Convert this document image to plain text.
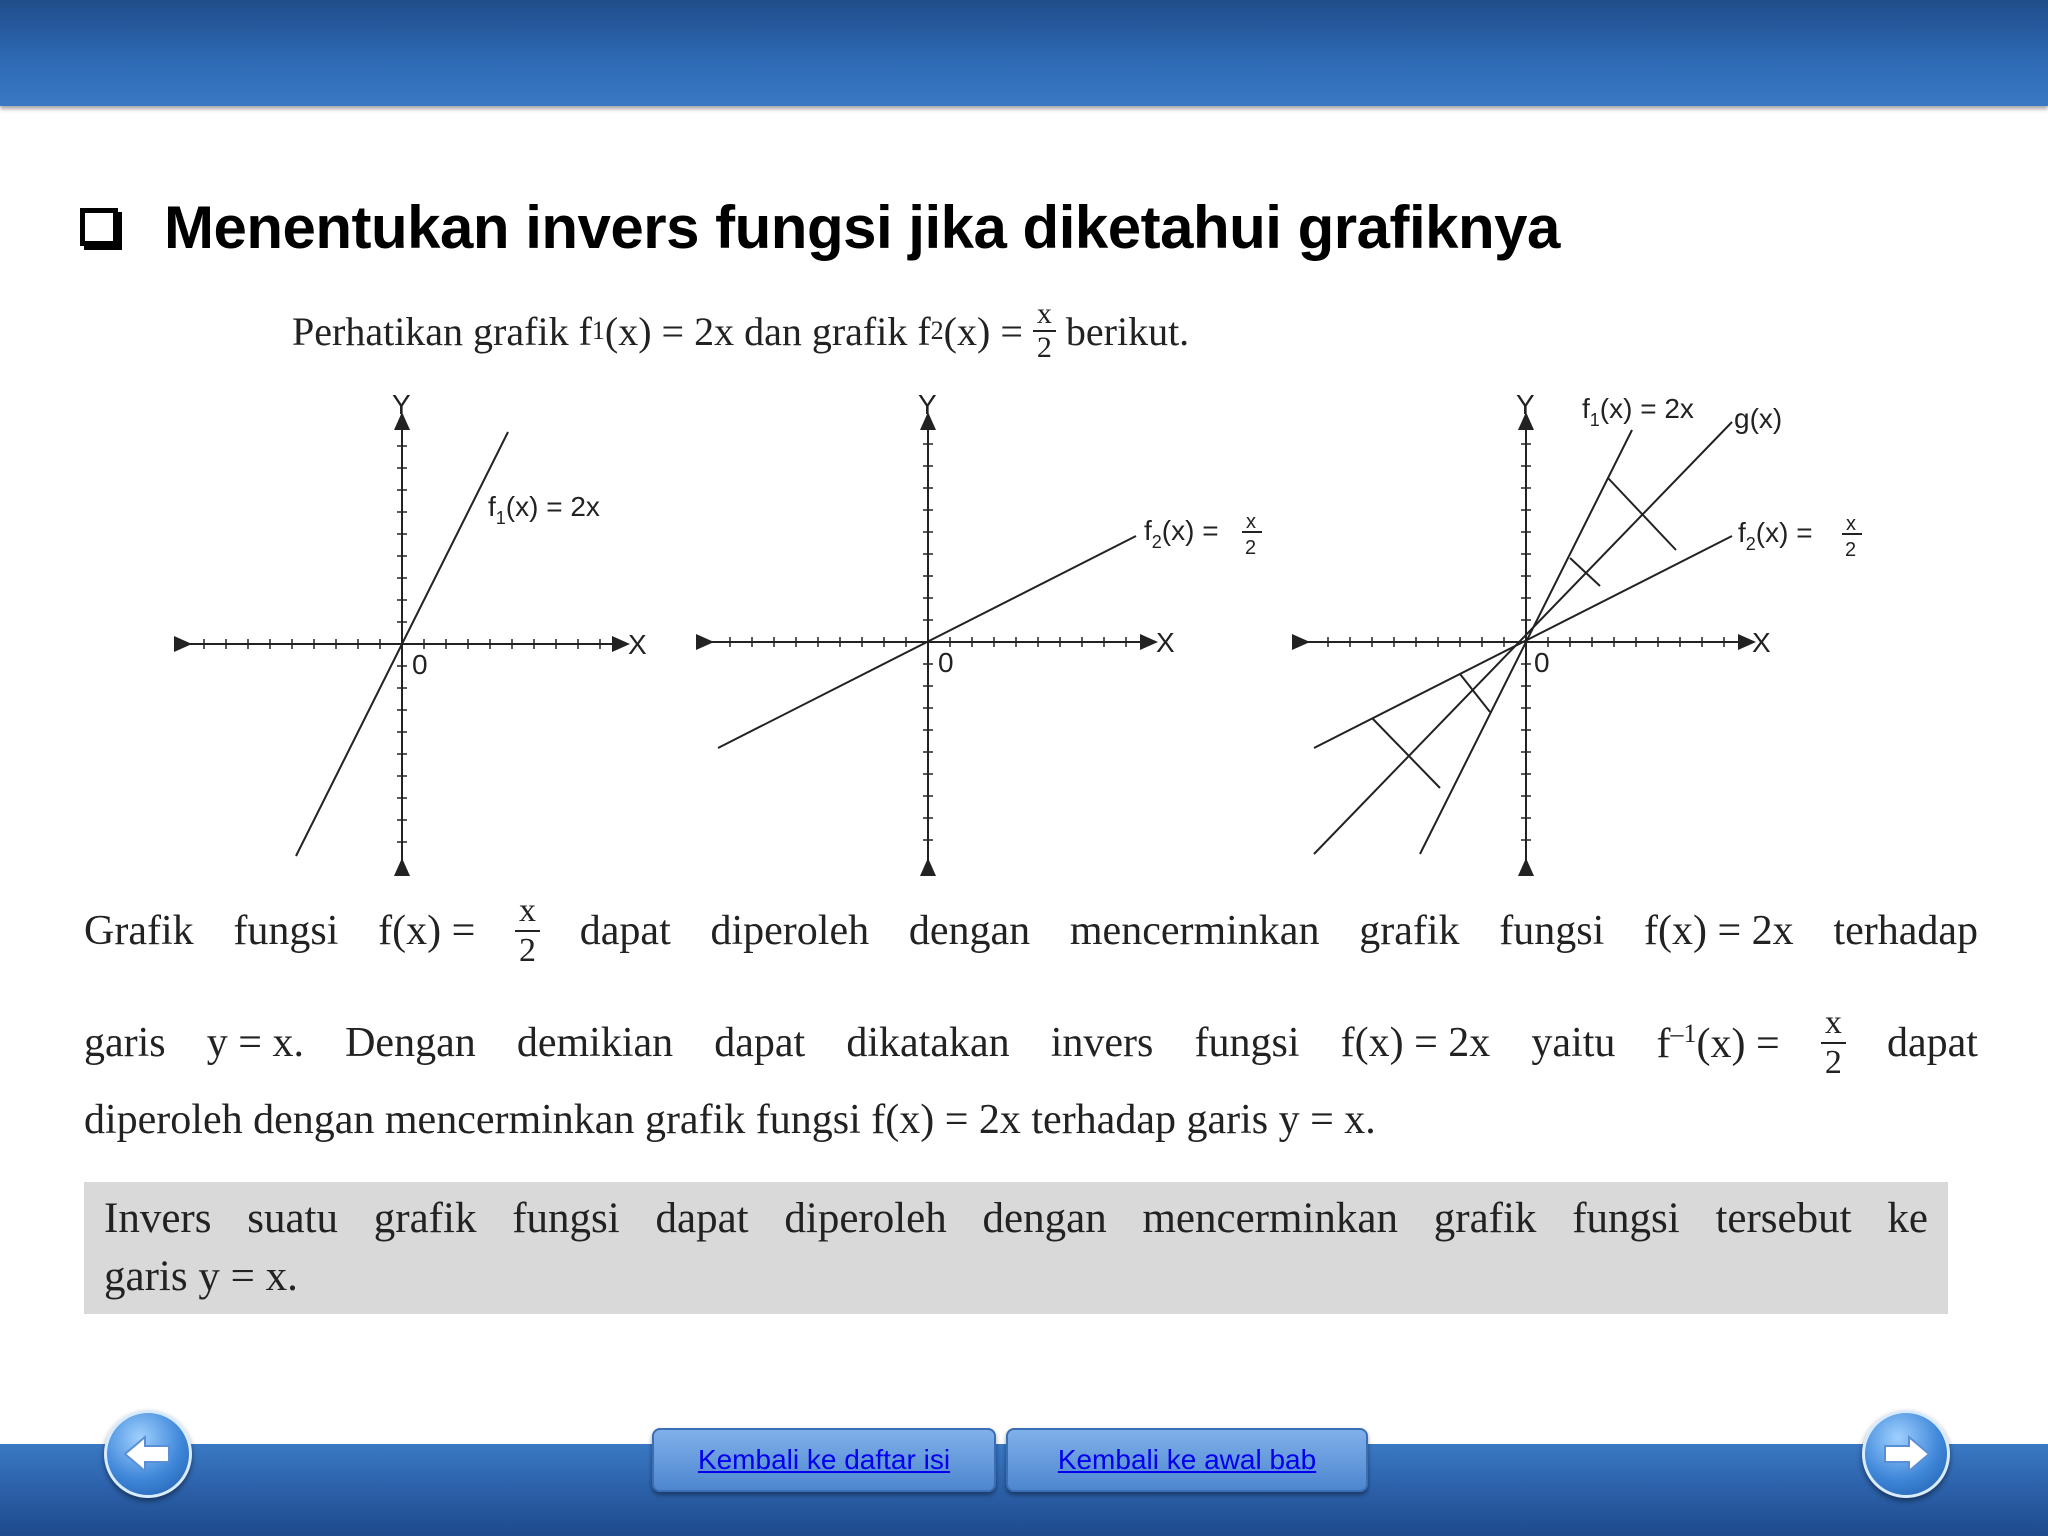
Menentukan invers fungsi jika diketahui grafiknya
Perhatikan grafik f 1 (x) = 2x dan grafik f 2 $(x) = \frac{x}{2}$ berikut.
Y
X
0
$f_1(x) = 2x$
Y
X
0
$f_2(x) = x$
2
Y
X
0
$f_1(x) = 2x$ g(x)
$f_2(x) = x$
2
Grafik fungsi $f(x) = \frac{x}{2}$ dapat diperoleh dengan mencerminkan grafik fungsi f(x) = 2x terhadap
garis y = x. Dengan demikian dapat dikatakan invers fungsi f(x) = 2x yaitu $f^{-1}(x) = \frac{x}{2}$ dapat
diperoleh dengan mencerminkan grafik fungsi f(x) = 2x terhadap garis y = x.
Invers suatu grafik fungsi dapat diperoleh dengan mencerminkan grafik fungsi tersebut ke
garis y = x.
Kembali ke daftar isi	Kembali ke awal bab
